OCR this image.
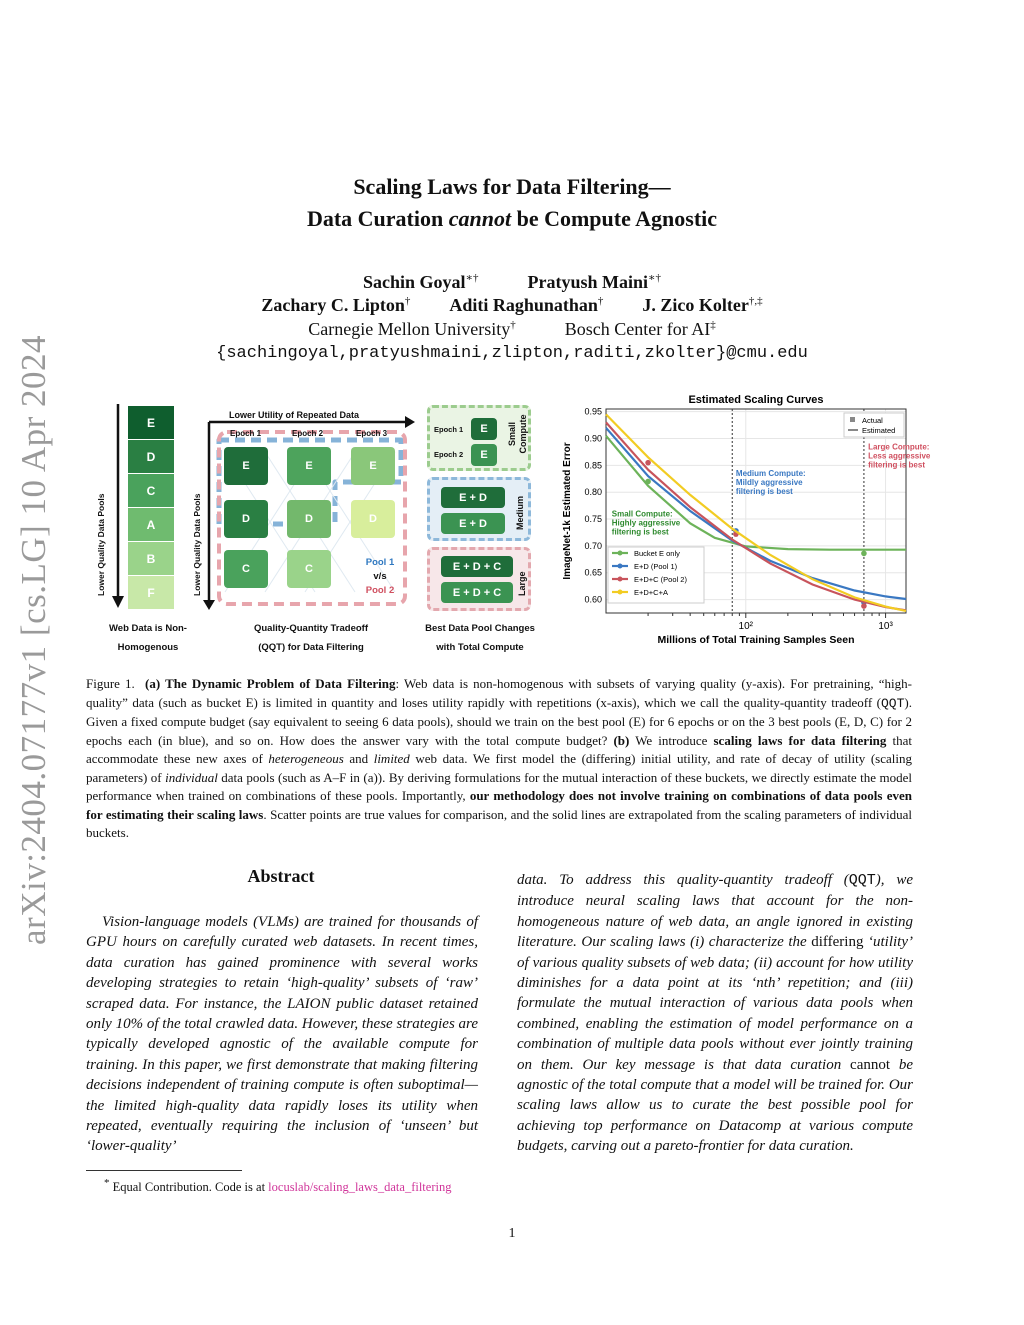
arXiv:2404.07177v1 [cs.LG] 10 Apr 2024
Scaling Laws for Data Filtering—
Data Curation cannot be Compute Agnostic
Sachin Goyal∗†	Pratyush Maini∗†
Zachary C. Lipton† Aditi Raghunathan† J. Zico Kolter†,‡
Carnegie Mellon University†	Bosch Center for AI‡
{sachingoyal,pratyushmaini,zlipton,raditi,zkolter}@cmu.edu
Lower Quality Data Pools
E
D
C
A
B
F
Web Data is Non-
Homogenous
Lower Utility of Repeated Data
Epoch 1	Epoch 2	Epoch 3
Lower Quality Data Pools
E	E	E
D	D	D
C	C
Pool 1
v/s
Pool 2
Quality-Quantity Tradeoff
(QQT) for Data Filtering
Epoch 1
Epoch 2
E
E
Small Compute
E + D
E + D	Medium
E + D + C
E + D + C	Large
Best Data Pool Changes
with Total Compute
Estimated Scaling Curves
0.60
0.65
0.70
0.75
0.80
0.85
0.90
0.95
10²	10³
Millions of Total Training Samples Seen
ImageNet-1k Estimated Error	Small Compute:
Highly aggressive
filtering is best
Medium Compute:
Mildly aggressive
filtering is best
Large Compute:
Less aggressive
filtering is best
Actual
Estimated
Bucket E only
E+D (Pool 1)
E+D+C (Pool 2)
E+D+C+A
Figure 1. (a) The Dynamic Problem of Data Filtering: Web data is non-homogenous with subsets of varying quality (y-axis). For pretraining, “high-quality” data (such as bucket E) is limited in quantity and loses utility rapidly with repetitions (x-axis), which we call the quality-quantity tradeoff (QQT). Given a fixed compute budget (say equivalent to seeing 6 data pools), should we train on the best pool (E) for 6 epochs or on the 3 best pools (E, D, C) for 2 epochs each (in blue), and so on. How does the answer vary with the total compute budget? (b) We introduce scaling laws for data filtering that accommodate these new axes of heterogeneous and limited web data. We first model the (differing) initial utility, and rate of decay of utility (scaling parameters) of individual data pools (such as A–F in (a)). By deriving formulations for the mutual interaction of these buckets, we directly estimate the model performance when trained on combinations of these pools. Importantly, our methodology does not involve training on combinations of data pools even for estimating their scaling laws. Scatter points are true values for comparison, and the solid lines are extrapolated from the scaling parameters of individual buckets.
Abstract
Vision-language models (VLMs) are trained for thousands of GPU hours on carefully curated web datasets. In recent times, data curation has gained prominence with several works developing strategies to retain ‘high-quality’ subsets of ‘raw’ scraped data. For instance, the LAION public dataset retained only 10% of the total crawled data. However, these strategies are typically developed agnostic of the available compute for training. In this paper, we first demonstrate that making filtering decisions independent of training compute is often suboptimal—the limited high-quality data rapidly loses its utility when repeated, eventually requiring the inclusion of ‘unseen’ but ‘lower-quality’
data. To address this quality-quantity tradeoff (QQT), we introduce neural scaling laws that account for the non-homogeneous nature of web data, an angle ignored in existing literature. Our scaling laws (i) characterize the differing ‘utility’ of various quality subsets of web data; (ii) account for how utility diminishes for a data point at its ‘nth’ repetition; and (iii) formulate the mutual interaction of various data pools when combined, enabling the estimation of model performance on a combination of multiple data pools without ever jointly training on them. Our key message is that data curation cannot be agnostic of the total compute that a model will be trained for. Our scaling laws allow us to curate the best possible pool for achieving top performance on Datacomp at various compute budgets, carving out a pareto-frontier for data curation.
* Equal Contribution. Code is at locuslab/scaling_laws_data_filtering
1
